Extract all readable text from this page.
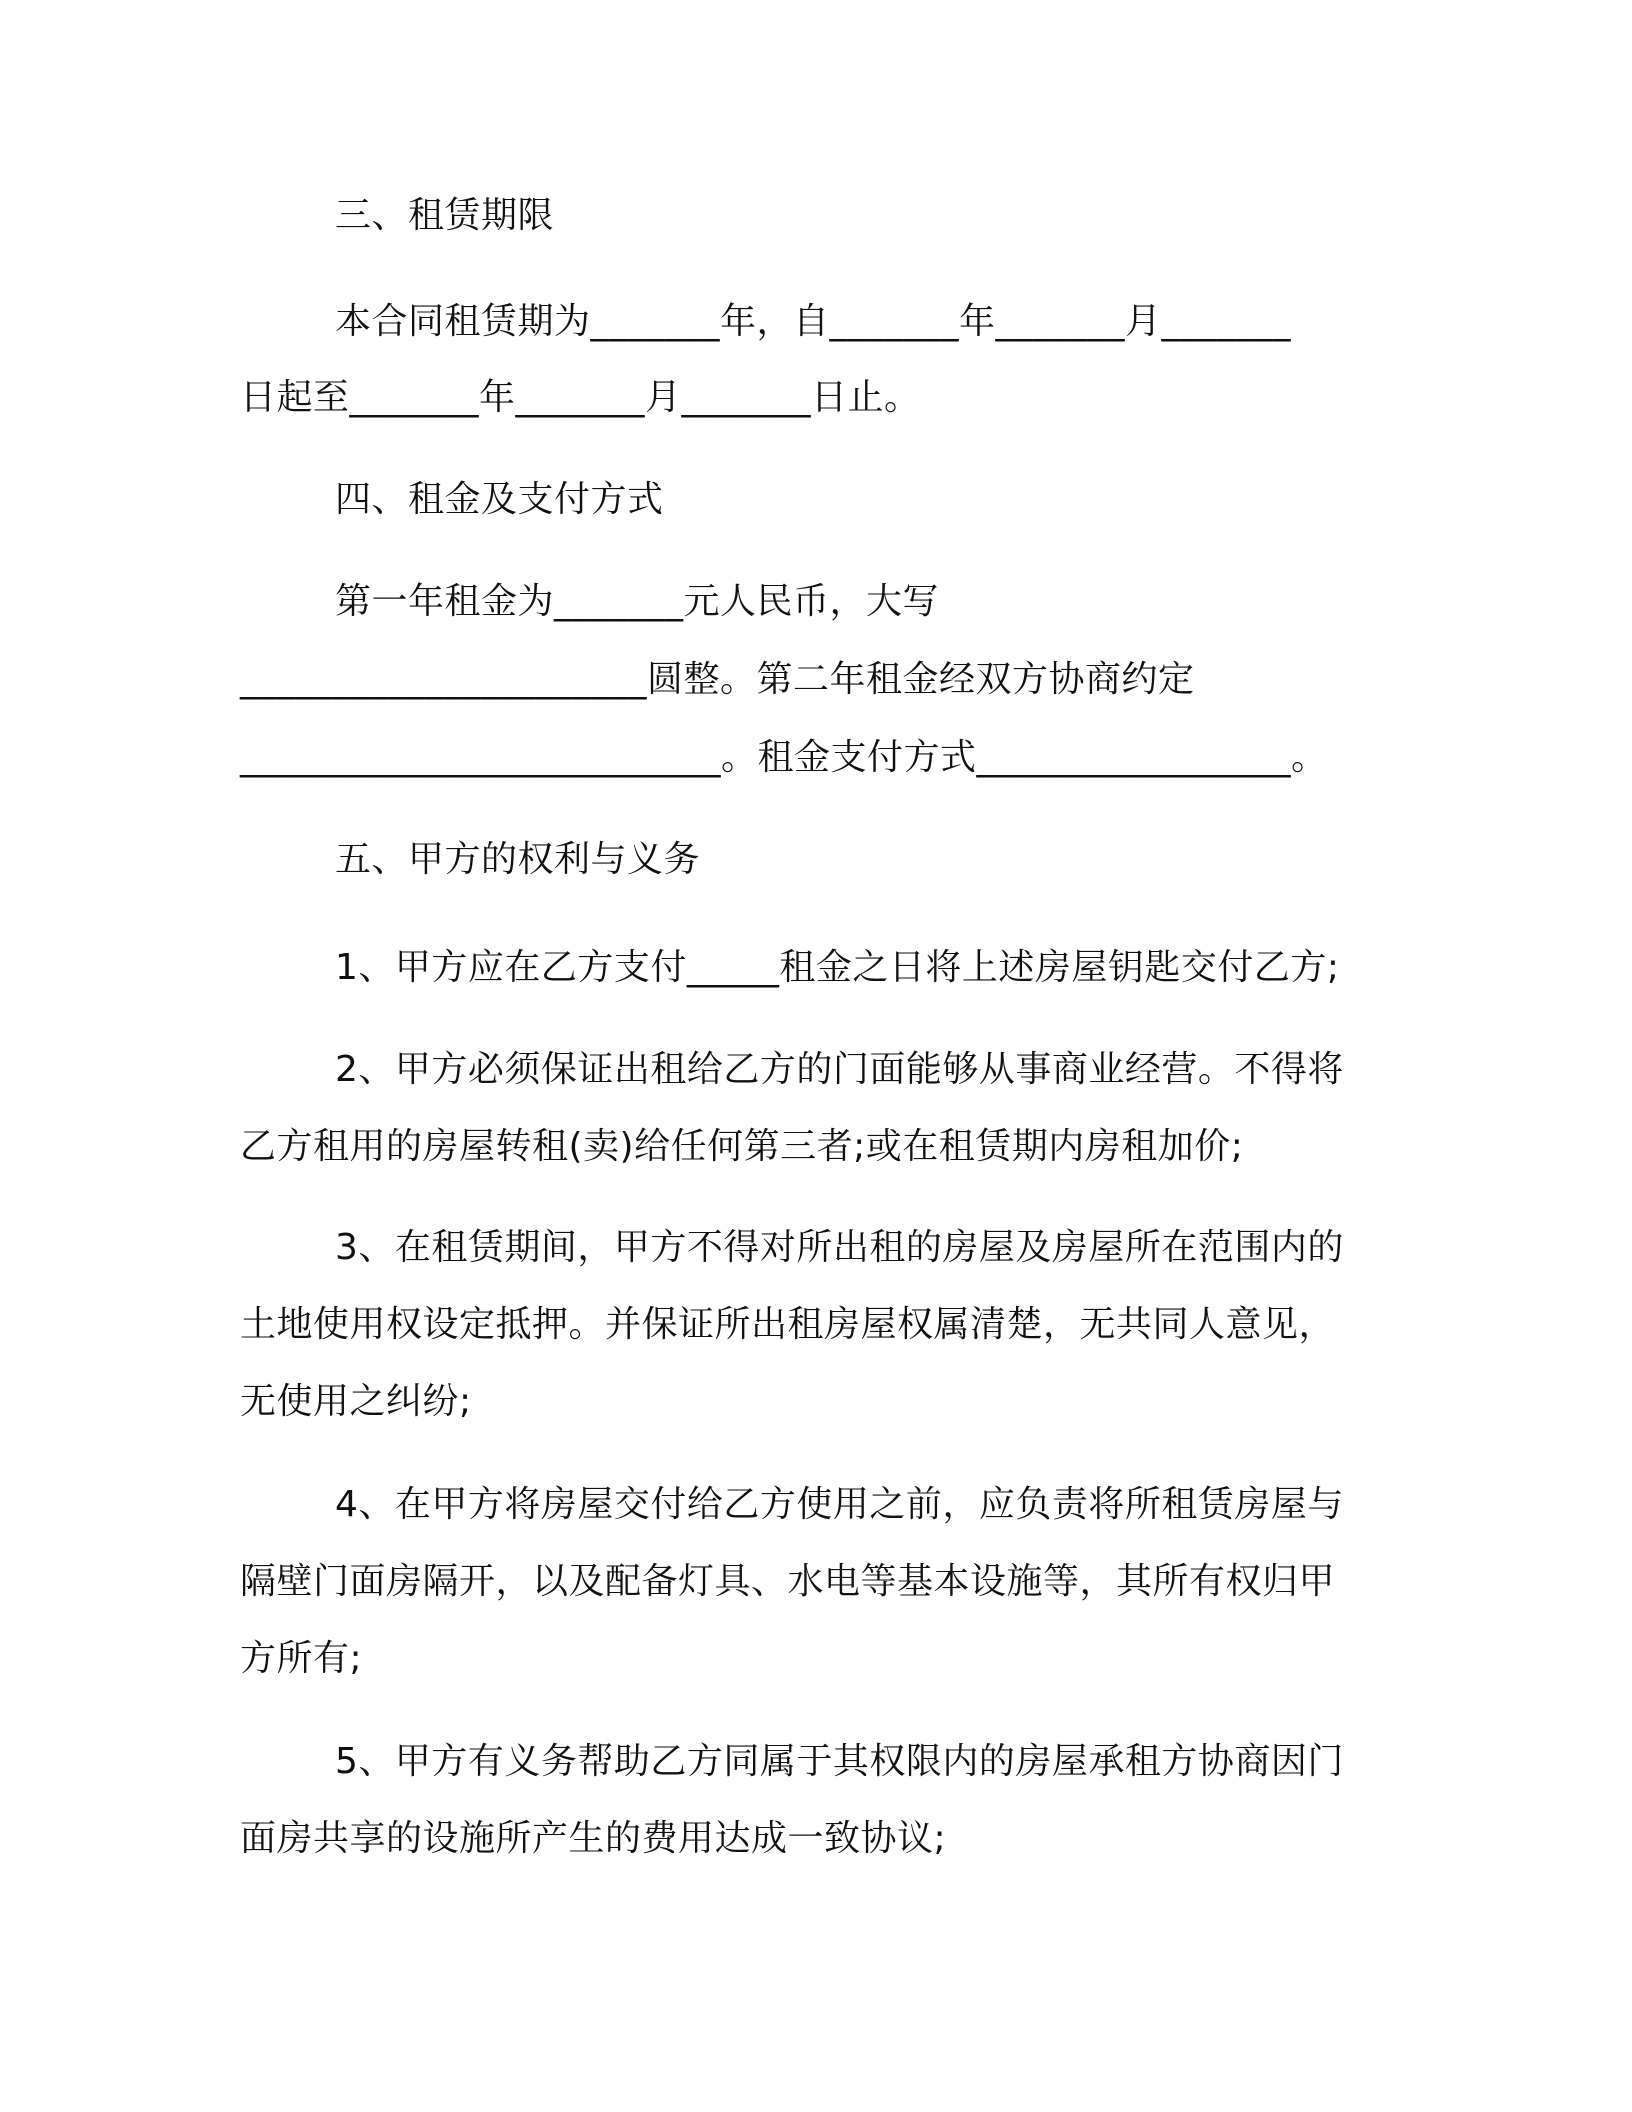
三、租赁期限
本合同租赁期为_______年，自_______年_______月_______
日起至_______年_______月_______日止。
四、租金及支付方式
第一年租金为_______元人民币，大写
______________________圆整。第二年租金经双方协商约定
__________________________。租金支付方式_________________。
五、甲方的权利与义务
1、甲方应在乙方支付_____租金之日将上述房屋钥匙交付乙方;
2、甲方必须保证出租给乙方的门面能够从事商业经营。不得将
乙方租用的房屋转租(卖)给任何第三者;或在租赁期内房租加价;
3、在租赁期间，甲方不得对所出租的房屋及房屋所在范围内的
土地使用权设定抵押。并保证所出租房屋权属清楚，无共同人意见，
无使用之纠纷;
4、在甲方将房屋交付给乙方使用之前，应负责将所租赁房屋与
隔壁门面房隔开，以及配备灯具、水电等基本设施等，其所有权归甲
方所有;
5、甲方有义务帮助乙方同属于其权限内的房屋承租方协商因门
面房共享的设施所产生的费用达成一致协议;
